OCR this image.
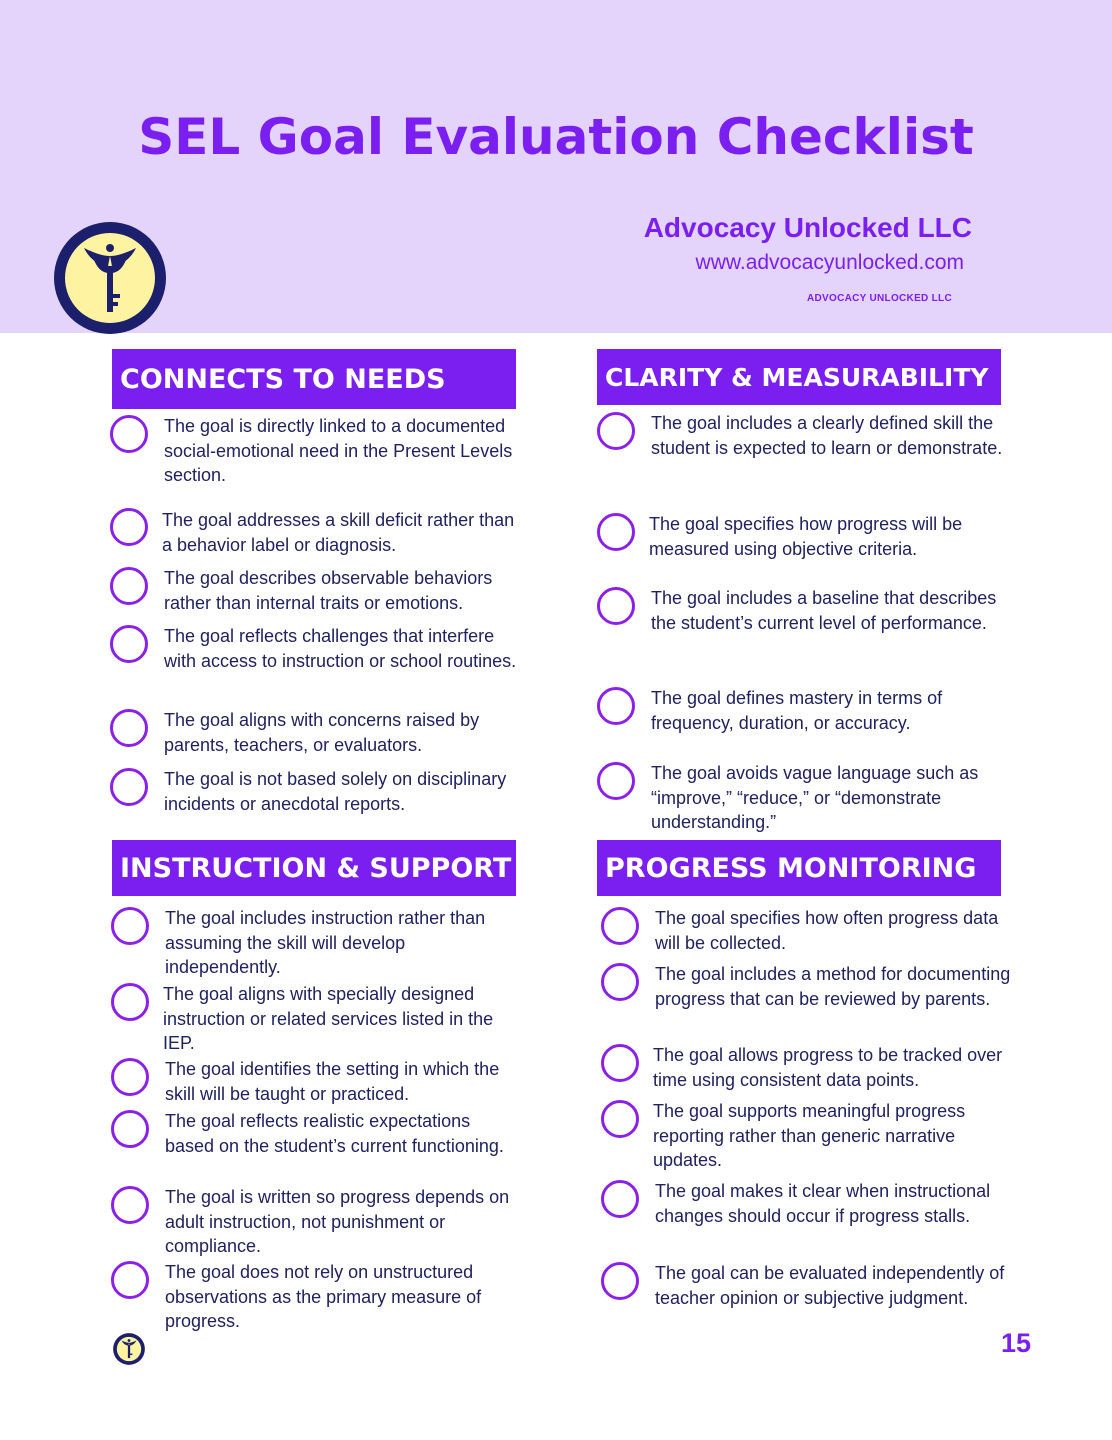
SEL Goal Evaluation Checklist
Advocacy Unlocked LLC
www.advocacyunlocked.com
ADVOCACY UNLOCKED LLC
CONNECTS TO NEEDS
The goal is directly linked to a documented social-emotional need in the Present Levels section.
The goal addresses a skill deficit rather than a behavior label or diagnosis.
The goal describes observable behaviors rather than internal traits or emotions.
The goal reflects challenges that interfere with access to instruction or school routines.
The goal aligns with concerns raised by parents, teachers, or evaluators.
The goal is not based solely on disciplinary incidents or anecdotal reports.
CLARITY & MEASURABILITY
The goal includes a clearly defined skill the student is expected to learn or demonstrate.
The goal specifies how progress will be measured using objective criteria.
The goal includes a baseline that describes the student’s current level of performance.
The goal defines mastery in terms of frequency, duration, or accuracy.
The goal avoids vague language such as “improve,” “reduce,” or “demonstrate understanding.”
INSTRUCTION & SUPPORT
The goal includes instruction rather than assuming the skill will develop independently.
The goal aligns with specially designed instruction or related services listed in the IEP.
The goal identifies the setting in which the skill will be taught or practiced.
The goal reflects realistic expectations based on the student’s current functioning.
The goal is written so progress depends on adult instruction, not punishment or compliance.
The goal does not rely on unstructured observations as the primary measure of progress.
PROGRESS MONITORING
The goal specifies how often progress data will be collected.
The goal includes a method for documenting progress that can be reviewed by parents.
The goal allows progress to be tracked over time using consistent data points.
The goal supports meaningful progress reporting rather than generic narrative updates.
The goal makes it clear when instructional changes should occur if progress stalls.
The goal can be evaluated independently of teacher opinion or subjective judgment.
15
